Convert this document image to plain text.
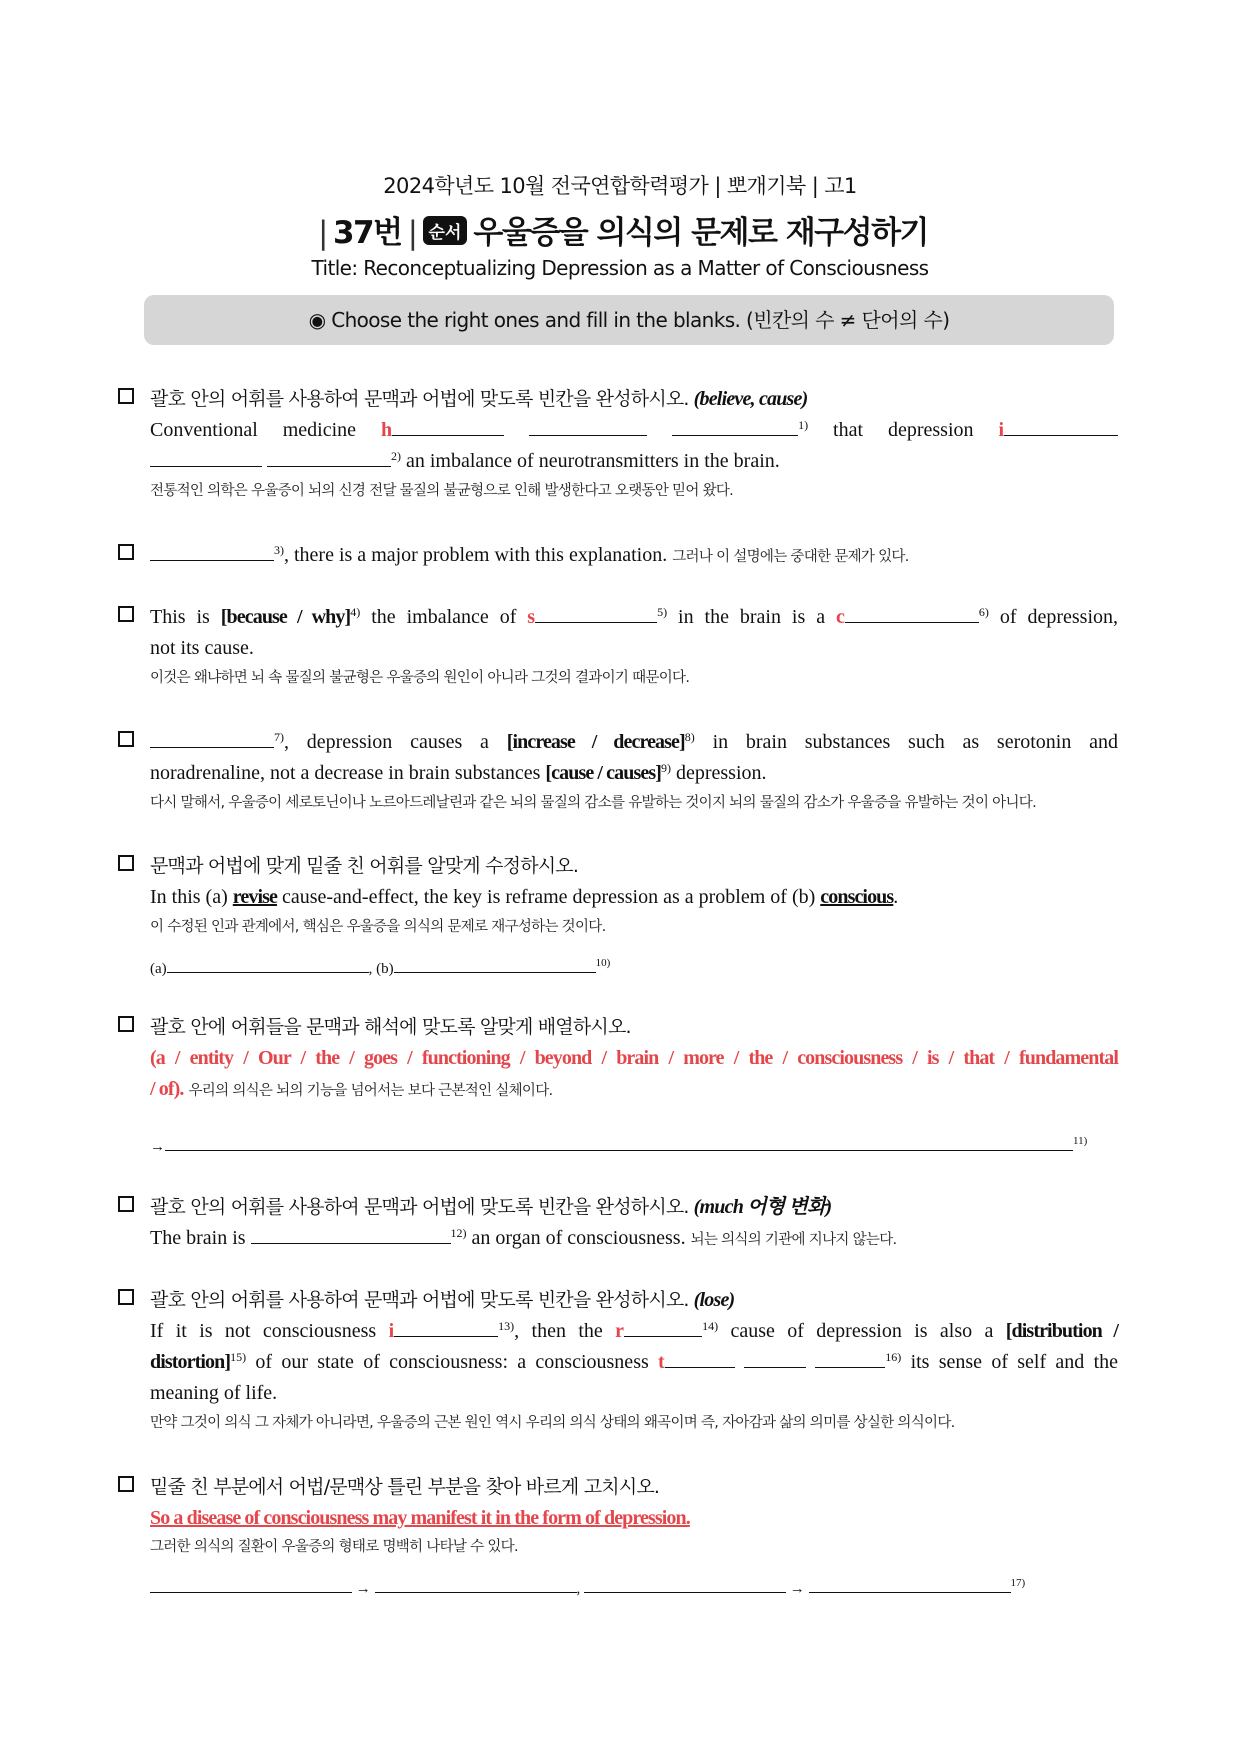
2024학년도 10월 전국연합학력평가 | 뽀개기북 | 고1
| 37번 | 순서 우울증을 의식의 문제로 재구성하기
Title: Reconceptualizing Depression as a Matter of Consciousness
◉ Choose the right ones and fill in the blanks. (빈칸의 수 ≠ 단어의 수)
괄호 안의 어휘를 사용하여 문맥과 어법에 맞도록 빈칸을 완성하시오. (believe, cause)
Conventional medicine h	$^{1)}$ that depression i
$^{2)}$ an imbalance of neurotransmitters in the brain.
전통적인 의학은 우울증이 뇌의 신경 전달 물질의 불균형으로 인해 발생한다고 오랫동안 믿어 왔다.
$^{3)}$, there is a major problem with this explanation. 그러나 이 설명에는 중대한 문제가 있다.
This is [because / why]$^{4)}$ the imbalance of s	$^{5)}$ in the brain is a c	$^{6)}$ of depression,
not its cause.
이것은 왜냐하면 뇌 속 물질의 불균형은 우울증의 원인이 아니라 그것의 결과이기 때문이다.
$^{7)}$, depression causes a [increase / decrease]$^{8)}$ in brain substances such as serotonin and
noradrenaline, not a decrease in brain substances [cause / causes]$^{9)}$ depression.
다시 말해서, 우울증이 세로토닌이나 노르아드레날린과 같은 뇌의 물질의 감소를 유발하는 것이지 뇌의 물질의 감소가 우울증을 유발하는 것이 아니다.
문맥과 어법에 맞게 밑줄 친 어휘를 알맞게 수정하시오.
In this (a) revise cause-and-effect, the key is reframe depression as a problem of (b) conscious.
이 수정된 인과 관계에서, 핵심은 우울증을 의식의 문제로 재구성하는 것이다.
(a)	, (b)	$^{10)}$
괄호 안에 어휘들을 문맥과 해석에 맞도록 알맞게 배열하시오.
(a / entity / Our / the / goes / functioning / beyond / brain / more / the / consciousness / is / that / fundamental
/ of). 우리의 의식은 뇌의 기능을 넘어서는 보다 근본적인 실체이다.
→	$^{11)}$
괄호 안의 어휘를 사용하여 문맥과 어법에 맞도록 빈칸을 완성하시오. (much 어형 변화)
The brain is	$^{12)}$ an organ of consciousness. 뇌는 의식의 기관에 지나지 않는다.
괄호 안의 어휘를 사용하여 문맥과 어법에 맞도록 빈칸을 완성하시오. (lose)
If it is not consciousness i	$^{13)}$, then the r	$^{14)}$ cause of depression is also a [distribution /
distortion]$^{15)}$ of our state of consciousness: a consciousness t	$^{16)}$ its sense of self and the
meaning of life.
만약 그것이 의식 그 자체가 아니라면, 우울증의 근본 원인 역시 우리의 의식 상태의 왜곡이며 즉, 자아감과 삶의 의미를 상실한 의식이다.
밑줄 친 부분에서 어법/문맥상 틀린 부분을 찾아 바르게 고치시오.
So a disease of consciousness may manifest it in the form of depression.
그러한 의식의 질환이 우울증의 형태로 명백히 나타날 수 있다.
→	,	→	$^{17)}$
